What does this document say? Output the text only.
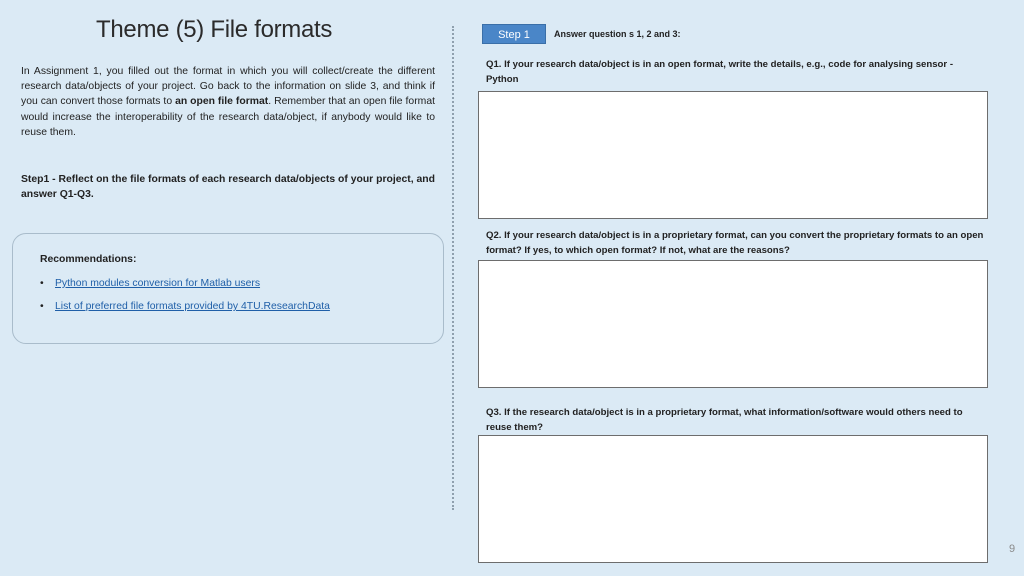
Theme (5) File formats
In Assignment 1, you filled out the format in which you will collect/create the different research data/objects of your project. Go back to the information on slide 3, and think if you can convert those formats to an open file format. Remember that an open file format would increase the interoperability of the research data/object, if anybody would like to reuse them.
Step1 - Reflect on the file formats of each research data/objects of your project, and answer Q1-Q3.
Recommendations:
•	Python modules conversion for Matlab users
•	List of preferred file formats provided by 4TU.ResearchData
Step 1	Answer question s 1, 2 and 3:
Q1. If your research data/object is in an open format, write the details, e.g., code for analysing sensor - Python
Q2. If your research data/object is in a proprietary format, can you convert the proprietary formats to an open format? If yes, to which open format? If not, what are the reasons?
Q3. If the research data/object is in a proprietary format, what information/software would others need to reuse them?
9
